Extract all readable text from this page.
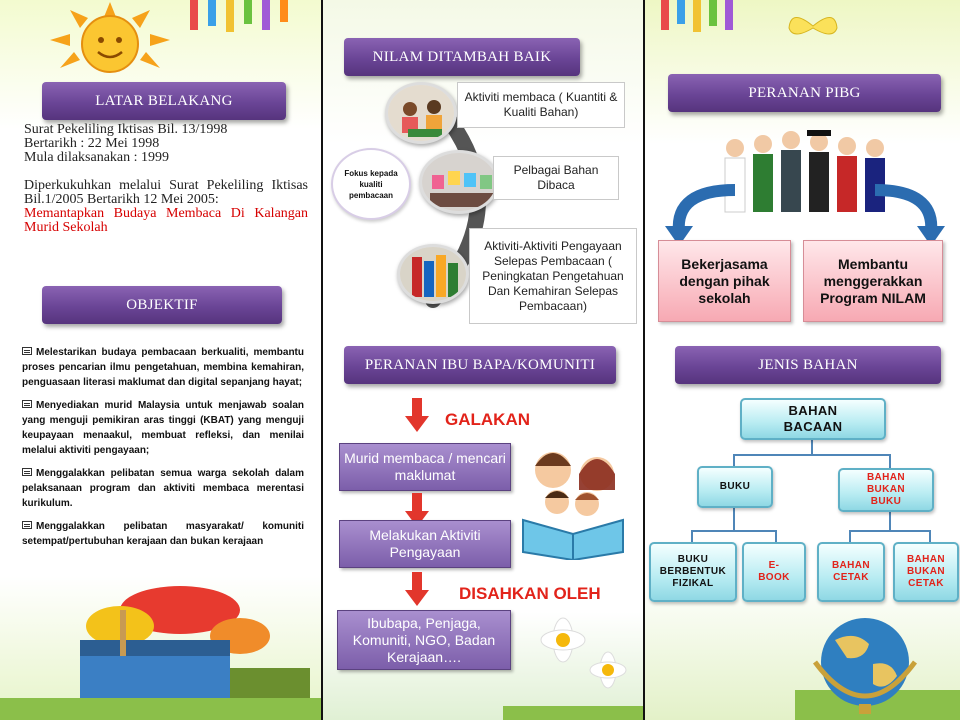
LATAR BELAKANG
Surat Pekeliling Iktisas Bil. 13/1998
Bertarikh : 22 Mei 1998
Mula dilaksanakan : 1999
Diperkukuhkan melalui Surat Pekeliling Iktisas Bil.1/2005 Bertarikh 12 Mei 2005:
Memantapkan Budaya Membaca Di Kalangan Murid Sekolah
OBJEKTIF
Melestarikan budaya pembacaan berkualiti, membantu proses pencarian ilmu pengetahuan, membina kemahiran, penguasaan literasi maklumat dan digital sepanjang hayat;
Menyediakan murid Malaysia untuk menjawab soalan yang menguji pemikiran aras tinggi (KBAT) yang menguji keupayaan menaakul, membuat refleksi, dan menilai melalui aktiviti pengayaan;
Menggalakkan pelibatan semua warga sekolah dalam pelaksanaan program dan aktiviti membaca merentasi kurikulum.
Menggalakkan pelibatan masyarakat/ komuniti setempat/pertubuhan kerajaan dan bukan kerajaan
NILAM DITAMBAH BAIK
Fokus kepada kualiti pembacaan
Aktiviti membaca ( Kuantiti & Kualiti Bahan)
Pelbagai Bahan Dibaca
Aktiviti-Aktiviti Pengayaan Selepas Pembacaan ( Peningkatan Pengetahuan Dan Kemahiran Selepas Pembacaan)
PERANAN IBU BAPA/KOMUNITI
GALAKAN
Murid membaca / mencari maklumat
Melakukan Aktiviti Pengayaan
DISAHKAN OLEH
Ibubapa, Penjaga, Komuniti, NGO, Badan Kerajaan….
PERANAN PIBG
Bekerjasama dengan pihak sekolah
Membantu menggerakkan Program NILAM
JENIS BAHAN
BAHAN BACAAN
BUKU
BAHAN BUKAN BUKU
BUKU BERBENTUK FIZIKAL
E-BOOK
BAHAN CETAK
BAHAN BUKAN CETAK
